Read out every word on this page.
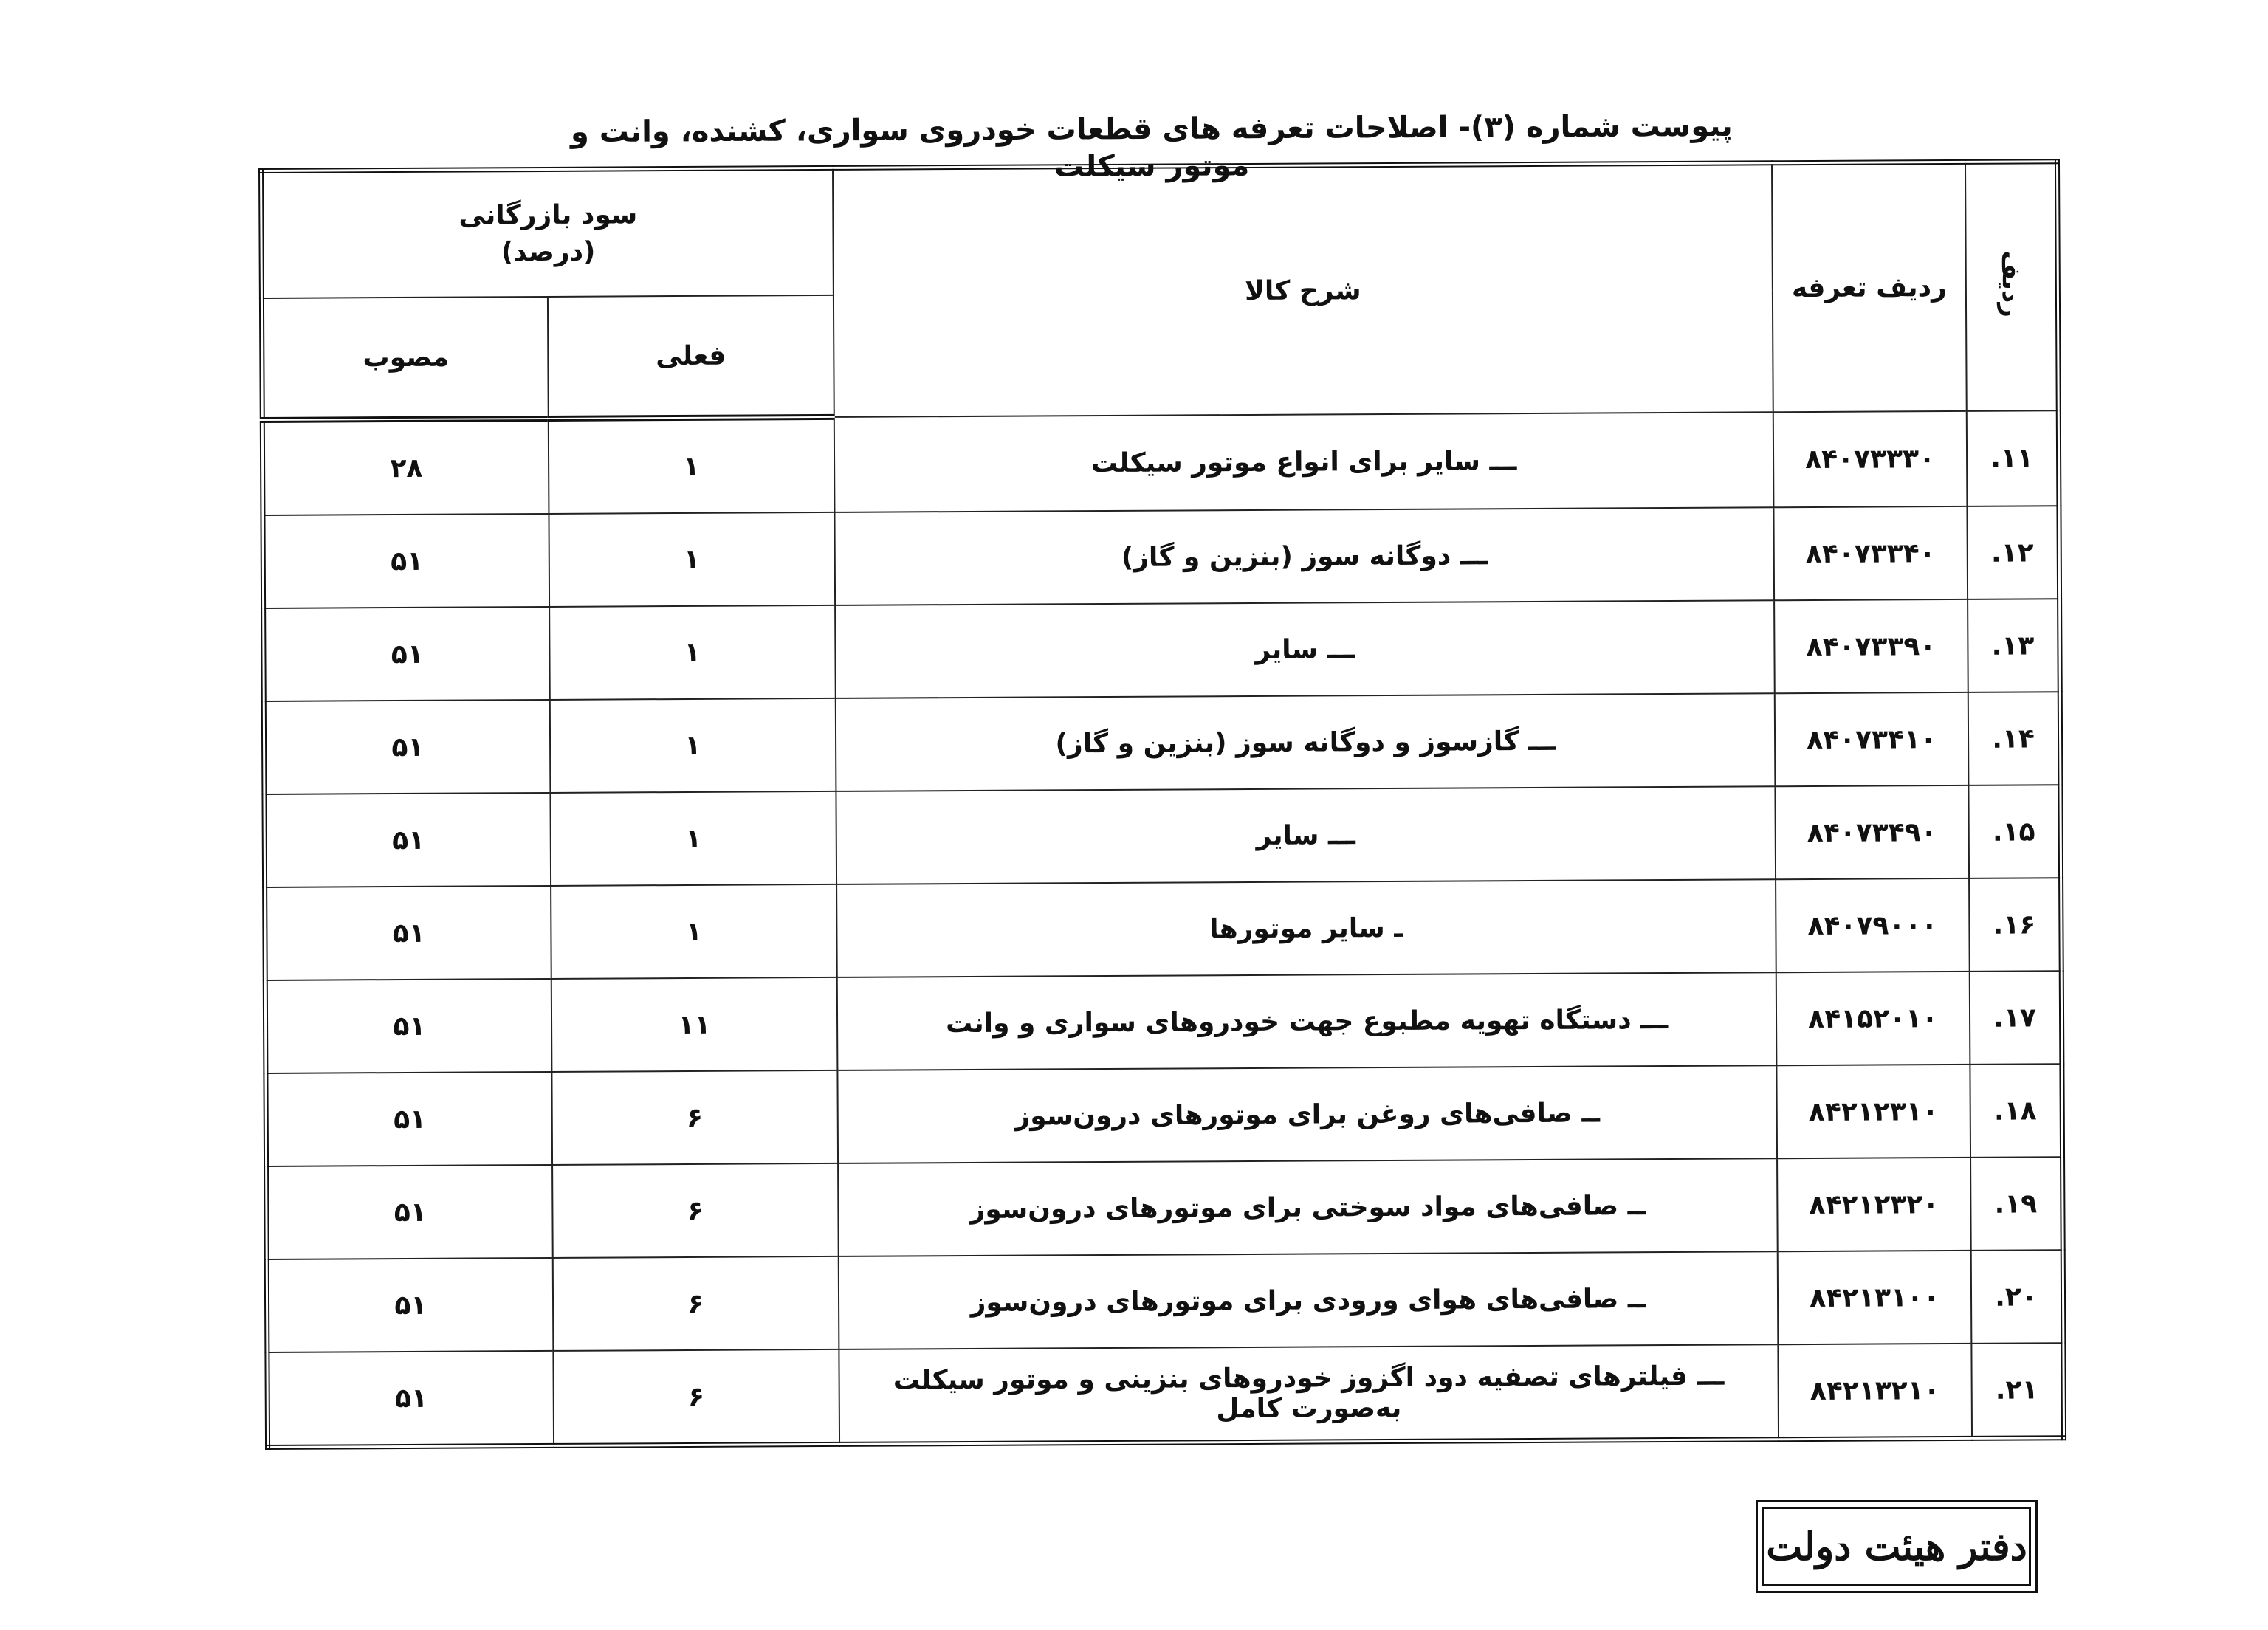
پیوست شماره (۳)- اصلاحات تعرفه های قطعات خودروی سواری، کشنده، وانت و موتور سیکلت
ردیف	ردیف تعرفه	شرح کالا	سود بازرگانی
(درصد)	

			فعلی	مصوب
۱۱.	۸۴۰۷۳۳۳۰	ـــ سایر برای انواع موتور سیکلت	۱	۲۸
۱۲.	۸۴۰۷۳۳۴۰	ـــ دوگانه سوز (بنزین و گاز)	۱	۵۱
۱۳.	۸۴۰۷۳۳۹۰	ـــ سایر	۱	۵۱
۱۴.	۸۴۰۷۳۴۱۰	ـــ گازسوز و دوگانه سوز (بنزین و گاز)	۱	۵۱
۱۵.	۸۴۰۷۳۴۹۰	ـــ سایر	۱	۵۱
۱۶.	۸۴۰۷۹۰۰۰	ـ سایر موتورها	۱	۵۱
۱۷.	۸۴۱۵۲۰۱۰	ـــ دستگاه تهویه مطبوع جهت خودروهای سواری و وانت	۱۱	۵۱
۱۸.	۸۴۲۱۲۳۱۰	ــ صافی‌های روغن برای موتورهای درون‌سوز	۶	۵۱
۱۹.	۸۴۲۱۲۳۲۰	ــ صافی‌های مواد سوختی برای موتورهای درون‌سوز	۶	۵۱
۲۰.	۸۴۲۱۳۱۰۰	ــ صافی‌های هوای ورودی برای موتورهای درون‌سوز	۶	۵۱
۲۱.	۸۴۲۱۳۲۱۰	ـــ فیلترهای تصفیه دود اگزوز خودروهای بنزینی و موتور سیکلت به‌صورت کامل	۶	۵۱
دفتر هیئت دولت
